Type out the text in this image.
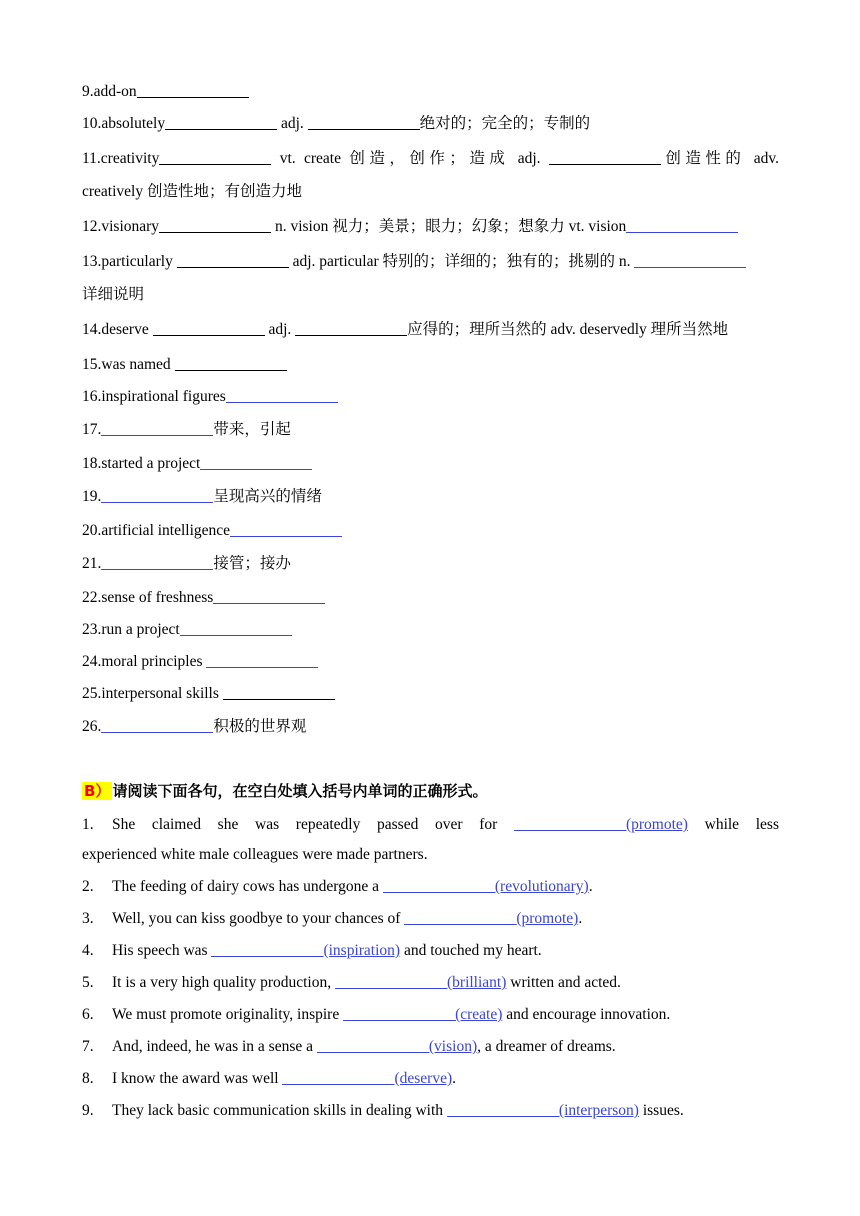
9.add-on
10.absolutely	adj.	绝对的；完全的；专制的
11.creativity	vt. create 创造，创作；造成 adj.	创造性的 adv.
creatively 创造性地；有创造力地
12.visionary	n. vision 视力；美景；眼力；幻象；想象力 vt. vision
13.particularly	adj. particular 特别的；详细的；独有的；挑剔的 n.
详细说明
14.deserve	adj.	应得的；理所当然的 adv. deservedly 理所当然地
15.was named
16.inspirational figures
17.	带来，引起
18.started a project
19.	呈现高兴的情绪
20.artificial intelligence
21.	接管；接办
22.sense of freshness
23.run a project
24.moral principles
25.interpersonal skills
26.	积极的世界观
B） 请阅读下面各句，在空白处填入括号内单词的正确形式。
1. She claimed she was repeatedly passed over for	(promote) while less
experienced white male colleagues were made partners.
2. The feeding of dairy cows has undergone a	(revolutionary).
3. Well, you can kiss goodbye to your chances of	(promote).
4. His speech was	(inspiration) and touched my heart.
5. It is a very high quality production,	(brilliant) written and acted.
6. We must promote originality, inspire	(create) and encourage innovation.
7. And, indeed, he was in a sense a	(vision), a dreamer of dreams.
8. I know the award was well	(deserve).
9. They lack basic communication skills in dealing with	(interperson) issues.
